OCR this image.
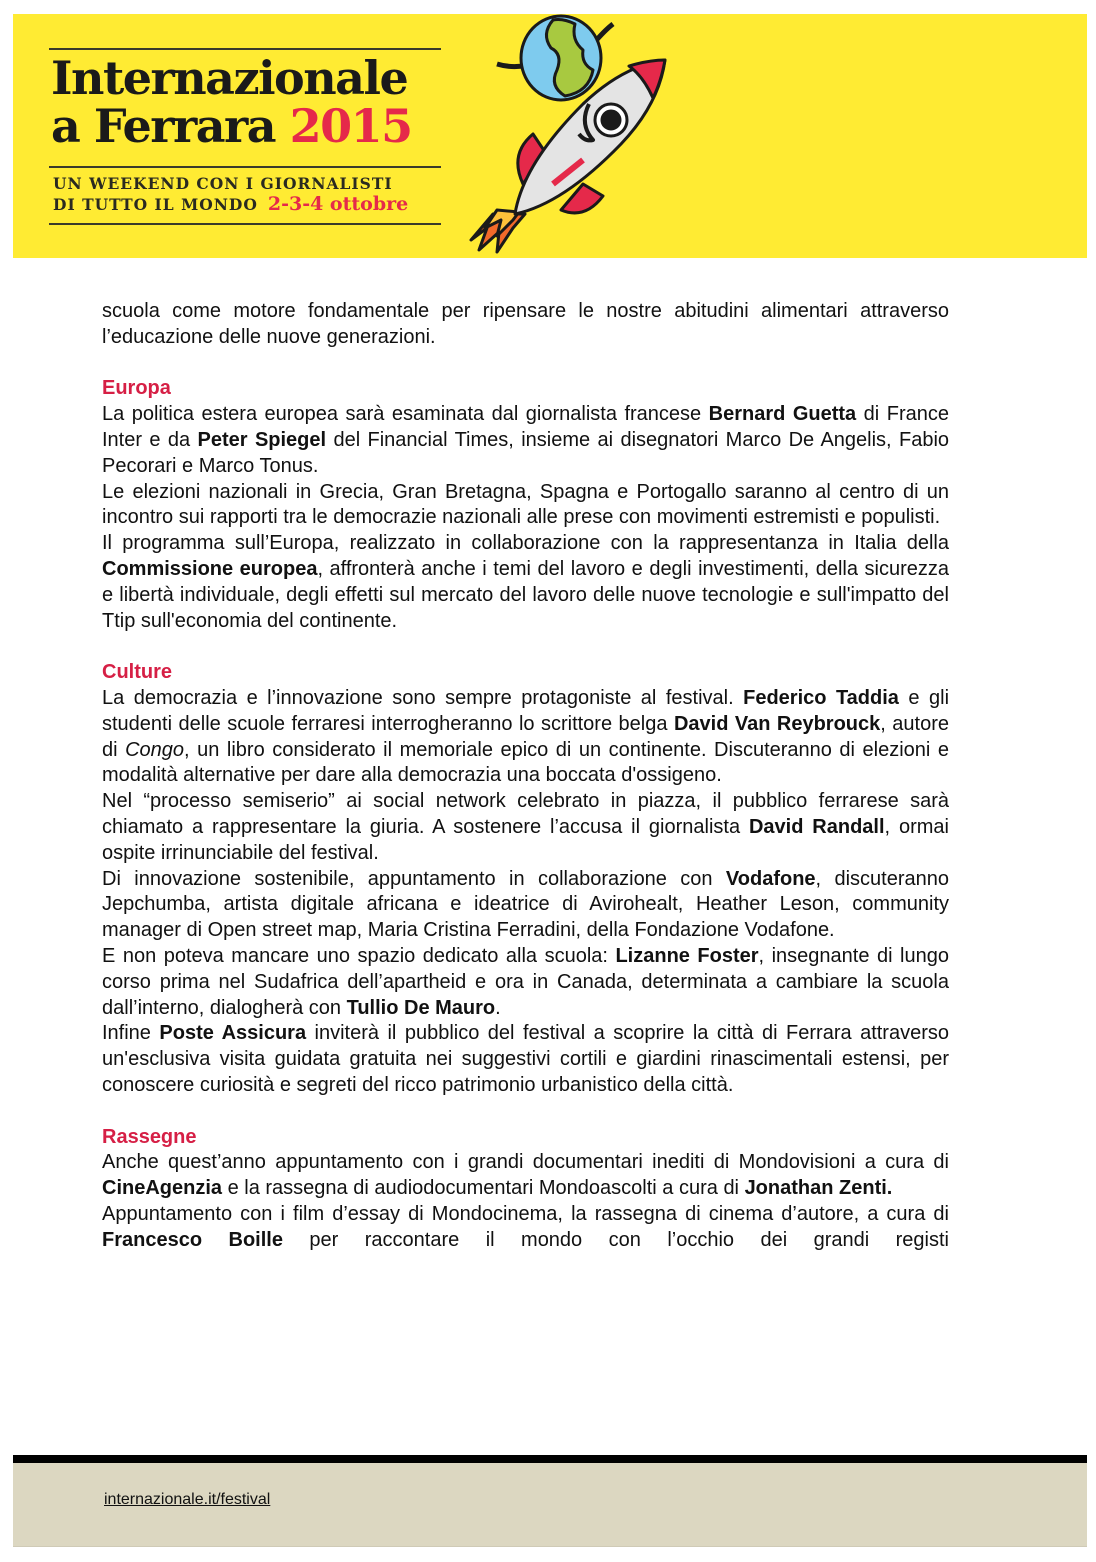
Internazionale
a Ferrara 2015
UN WEEKEND CON I GIORNALISTI
DI TUTTO IL MONDO 2-3-4 ottobre

scuola come motore fondamentale per ripensare le nostre abitudini alimentari attraverso l’educazione delle nuove generazioni.

Europa

La politica estera europea sarà esaminata dal giornalista francese Bernard Guetta di France Inter e da Peter Spiegel del Financial Times, insieme ai disegnatori Marco De Angelis, Fabio Pecorari e Marco Tonus.

Le elezioni nazionali in Grecia, Gran Bretagna, Spagna e Portogallo saranno al centro di un incontro sui rapporti tra le democrazie nazionali alle prese con movimenti estremisti e populisti.

Il programma sull’Europa, realizzato in collaborazione con la rappresentanza in Italia della Commissione europea, affronterà anche i temi del lavoro e degli investimenti, della sicurezza e libertà individuale, degli effetti sul mercato del lavoro delle nuove tecnologie e sull'impatto del Ttip sull'economia del continente.

Culture

La democrazia e l’innovazione sono sempre protagoniste al festival. Federico Taddia e gli studenti delle scuole ferraresi interrogheranno lo scrittore belga David Van Reybrouck, autore di Congo, un libro considerato il memoriale epico di un continente. Discuteranno di elezioni e modalità alternative per dare alla democrazia una boccata d'ossigeno.

Nel “processo semiserio” ai social network celebrato in piazza, il pubblico ferrarese sarà chiamato a rappresentare la giuria. A sostenere l’accusa il giornalista David Randall, ormai ospite irrinunciabile del festival.

Di innovazione sostenibile, appuntamento in collaborazione con Vodafone, discuteranno Jepchumba, artista digitale africana e ideatrice di Avirohealt, Heather Leson, community manager di Open street map, Maria Cristina Ferradini, della Fondazione Vodafone.

E non poteva mancare uno spazio dedicato alla scuola: Lizanne Foster, insegnante di lungo corso prima nel Sudafrica dell’apartheid e ora in Canada, determinata a cambiare la scuola dall’interno, dialogherà con Tullio De Mauro.

Infine Poste Assicura inviterà il pubblico del festival a scoprire la città di Ferrara attraverso un'esclusiva visita guidata gratuita nei suggestivi cortili e giardini rinascimentali estensi, per conoscere curiosità e segreti del ricco patrimonio urbanistico della città.

Rassegne

Anche quest’anno appuntamento con i grandi documentari inediti di Mondovisioni a cura di CineAgenzia e la rassegna di audiodocumentari Mondoascolti a cura di Jonathan Zenti.

Appuntamento con i film d’essay di Mondocinema, la rassegna di cinema d’autore, a cura di Francesco Boille per raccontare il mondo con l’occhio dei grandi registi

internazionale.it/festival
